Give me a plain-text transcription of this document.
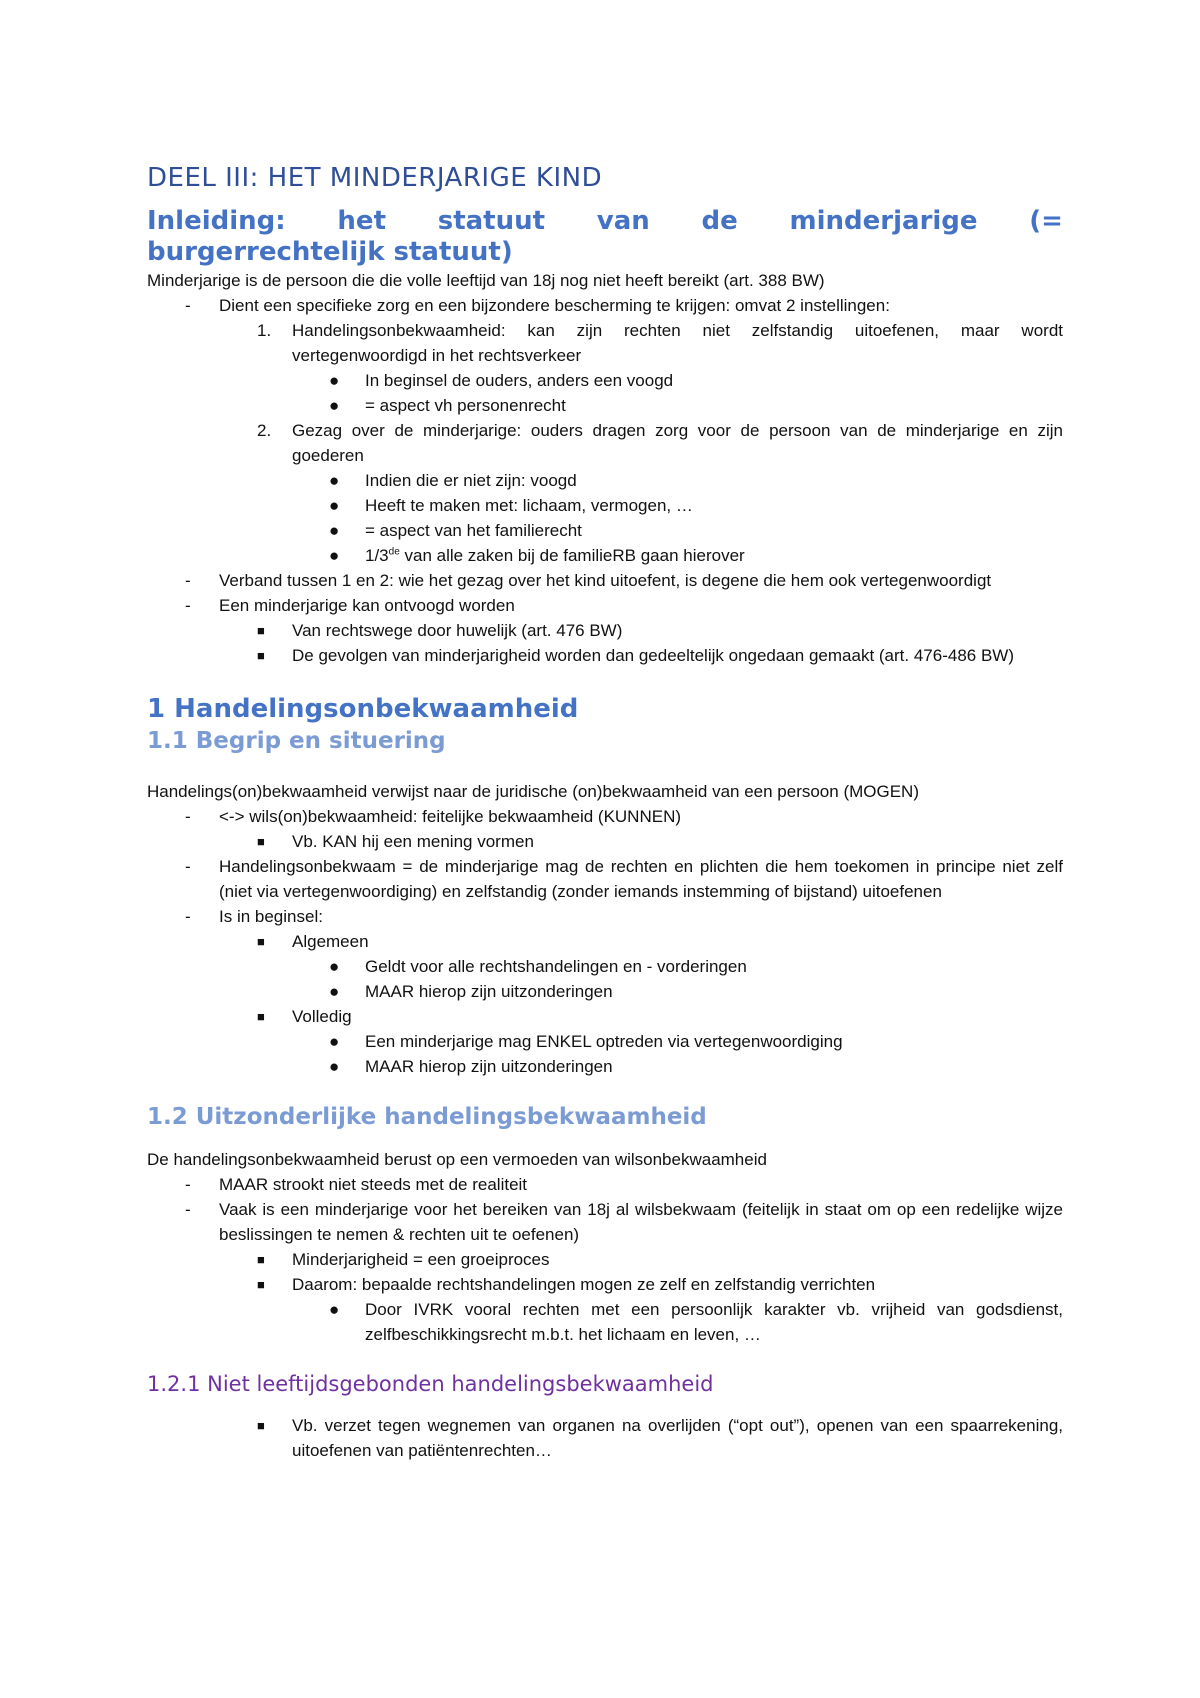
DEEL III: HET MINDERJARIGE KIND
Inleiding: het statuut van de minderjarige (=
burgerrechtelijk statuut)

Minderjarige is de persoon die die volle leeftijd van 18j nog niet heeft bereikt (art. 388 BW)

- Dient een specifieke zorg en een bijzondere bescherming te krijgen: omvat 2 instellingen:
1. Handelingsonbekwaamheid: kan zijn rechten niet zelfstandig uitoefenen, maar wordt vertegenwoordigd in het rechtsverkeer
● In beginsel de ouders, anders een voogd
● = aspect vh personenrecht
2. Gezag over de minderjarige: ouders dragen zorg voor de persoon van de minderjarige en zijn goederen
● Indien die er niet zijn: voogd
● Heeft te maken met: lichaam, vermogen, …
● = aspect van het familierecht
● 1/3de van alle zaken bij de familieRB gaan hierover
- Verband tussen 1 en 2: wie het gezag over het kind uitoefent, is degene die hem ook vertegenwoordigt
- Een minderjarige kan ontvoogd worden
■ Van rechtswege door huwelijk (art. 476 BW)
■ De gevolgen van minderjarigheid worden dan gedeeltelijk ongedaan gemaakt (art. 476-486 BW)
1 Handelingsonbekwaamheid
1.1 Begrip en situering

Handelings(on)bekwaamheid verwijst naar de juridische (on)bekwaamheid van een persoon (MOGEN)

- <-> wils(on)bekwaamheid: feitelijke bekwaamheid (KUNNEN)
■ Vb. KAN hij een mening vormen
- Handelingsonbekwaam = de minderjarige mag de rechten en plichten die hem toekomen in principe niet zelf (niet via vertegenwoordiging) en zelfstandig (zonder iemands instemming of bijstand) uitoefenen
- Is in beginsel:
■ Algemeen
● Geldt voor alle rechtshandelingen en - vorderingen
● MAAR hierop zijn uitzonderingen
■ Volledig
● Een minderjarige mag ENKEL optreden via vertegenwoordiging
● MAAR hierop zijn uitzonderingen
1.2 Uitzonderlijke handelingsbekwaamheid

De handelingsonbekwaamheid berust op een vermoeden van wilsonbekwaamheid

- MAAR strookt niet steeds met de realiteit
- Vaak is een minderjarige voor het bereiken van 18j al wilsbekwaam (feitelijk in staat om op een redelijke wijze beslissingen te nemen & rechten uit te oefenen)
■ Minderjarigheid = een groeiproces
■ Daarom: bepaalde rechtshandelingen mogen ze zelf en zelfstandig verrichten
● Door IVRK vooral rechten met een persoonlijk karakter vb. vrijheid van godsdienst, zelfbeschikkingsrecht m.b.t. het lichaam en leven, …
1.2.1 Niet leeftijdsgebonden handelingsbekwaamheid
■ Vb. verzet tegen wegnemen van organen na overlijden (“opt out”), openen van een spaarrekening, uitoefenen van patiëntenrechten…
